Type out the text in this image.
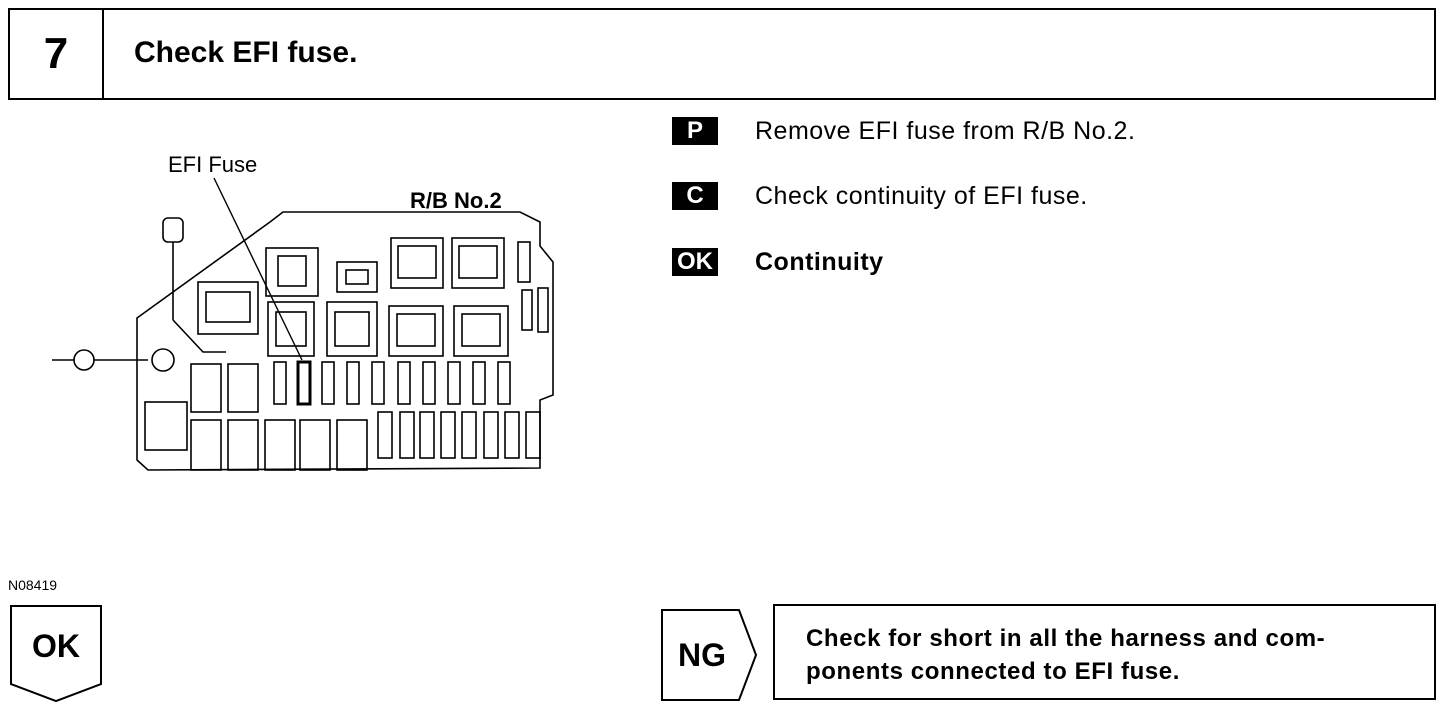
7	Check EFI fuse.
P	Remove EFI fuse from R/B No.2.
C	Check continuity of EFI fuse.
OK Continuity
EFI Fuse
R/B No.2
N08419
OK	NG	Check for short in all the harness and com-
ponents connected to EFI fuse.
